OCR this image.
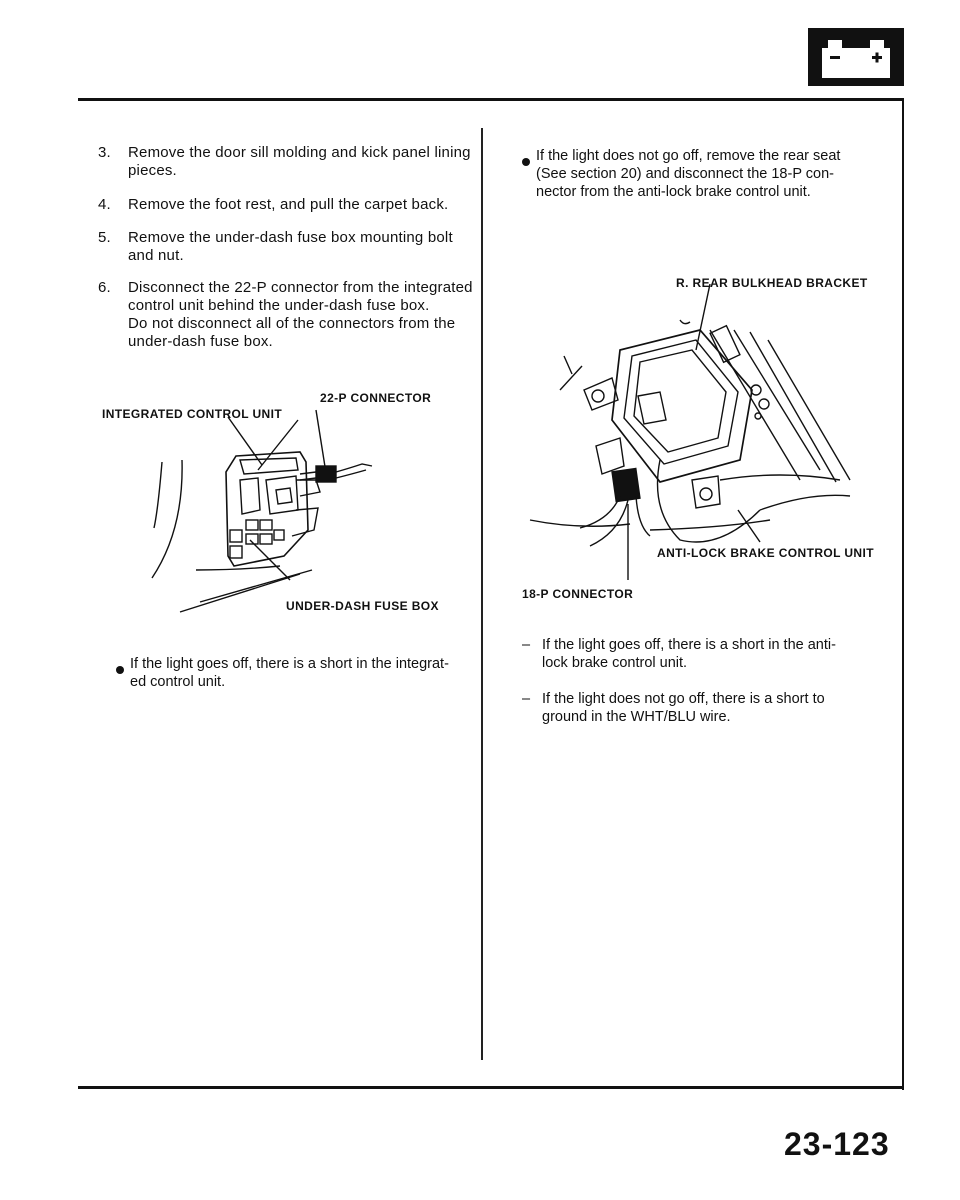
3.	Remove the door sill molding and kick panel lining
pieces.
4.	Remove the foot rest, and pull the carpet back.
5.	Remove the under-dash fuse box mounting bolt
and nut.
6.	Disconnect the 22-P connector from the integrated
control unit behind the under-dash fuse box.
Do not disconnect all of the connectors from the
under-dash fuse box.
22-P CONNECTOR
INTEGRATED CONTROL UNIT
UNDER-DASH FUSE BOX
If the light goes off, there is a short in the integrat-
ed control unit.
If the light does not go off, remove the rear seat
(See section 20) and disconnect the 18-P con-
nector from the anti-lock brake control unit.
R. REAR BULKHEAD BRACKET
ANTI-LOCK BRAKE CONTROL UNIT
18-P CONNECTOR
– If the light goes off, there is a short in the anti-
lock brake control unit.
– If the light does not go off, there is a short to
ground in the WHT/BLU wire.
23-123
